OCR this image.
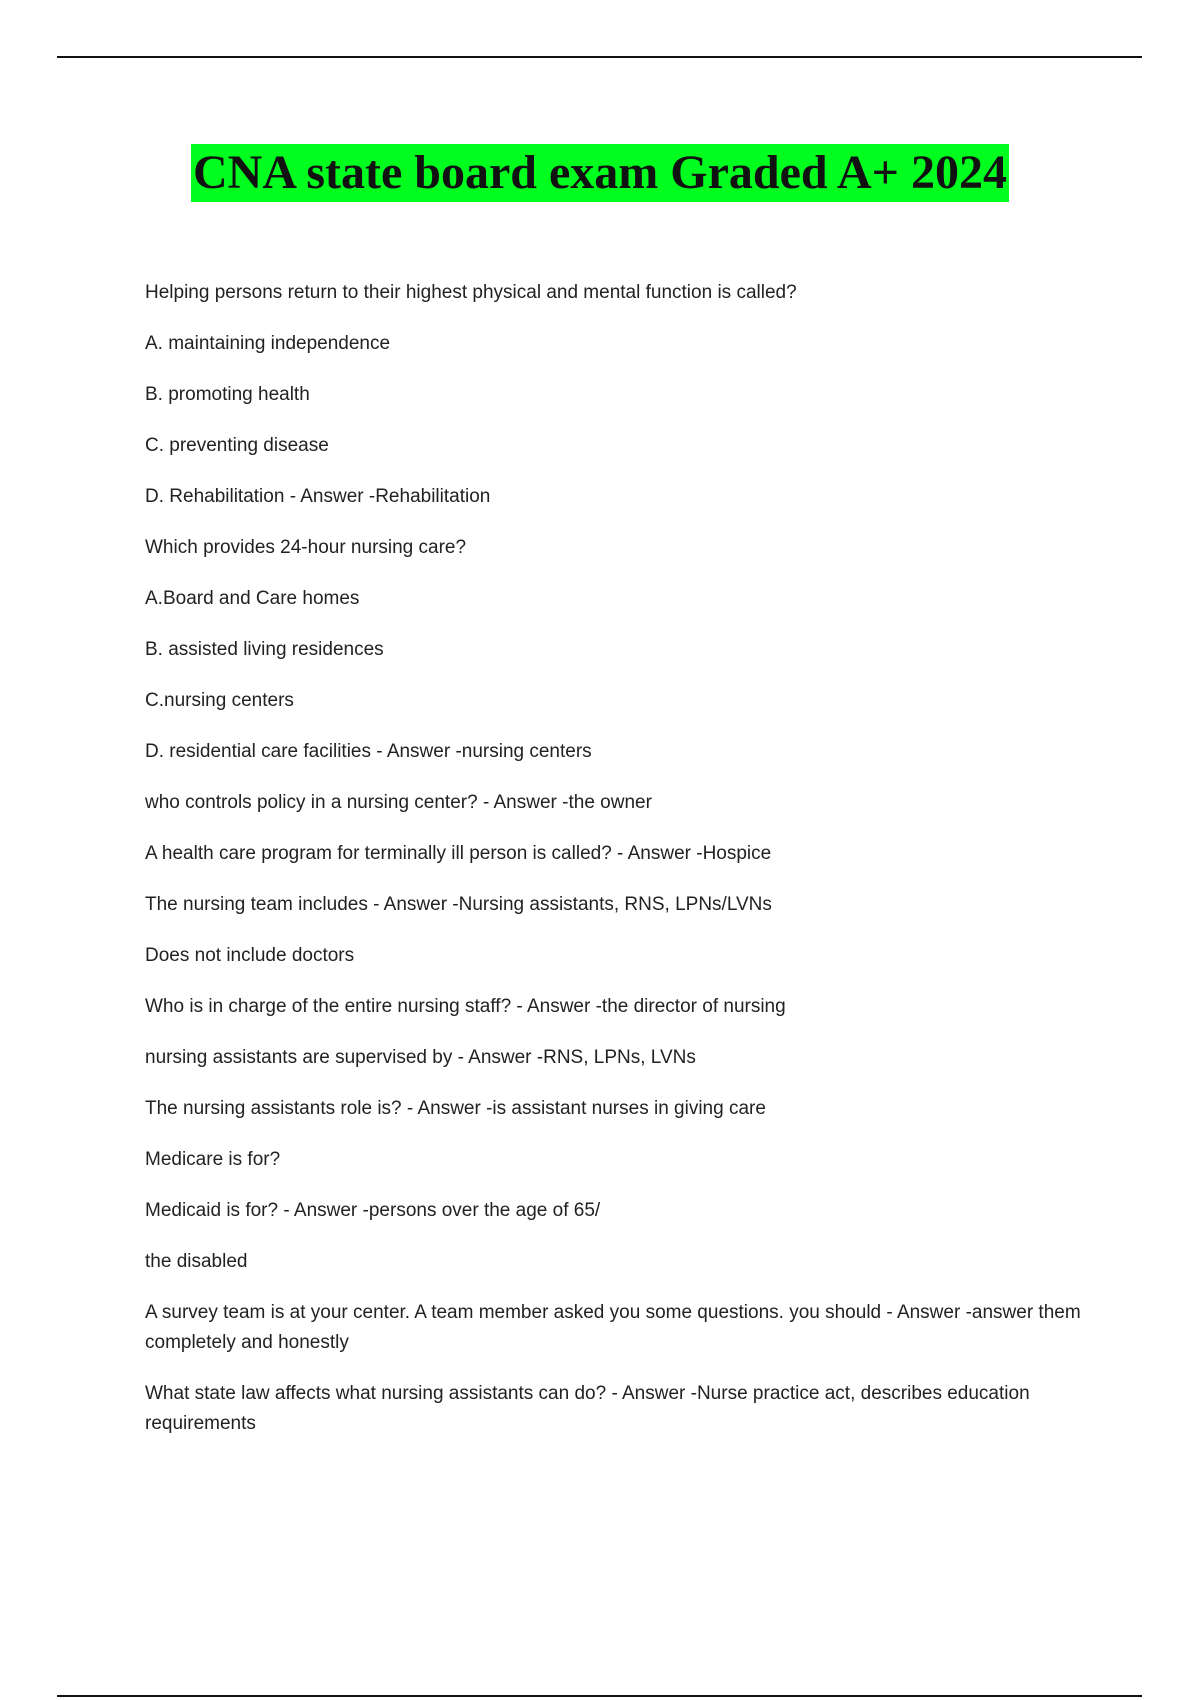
CNA state board exam Graded A+ 2024

Helping persons return to their highest physical and mental function is called?

A. maintaining independence

B. promoting health

C. preventing disease

D. Rehabilitation - Answer -Rehabilitation

Which provides 24-hour nursing care?

A.Board and Care homes

B. assisted living residences

C.nursing centers

D. residential care facilities - Answer -nursing centers

who controls policy in a nursing center? - Answer -the owner

A health care program for terminally ill person is called? - Answer -Hospice

The nursing team includes - Answer -Nursing assistants, RNS, LPNs/LVNs

Does not include doctors

Who is in charge of the entire nursing staff? - Answer -the director of nursing

nursing assistants are supervised by - Answer -RNS, LPNs, LVNs

The nursing assistants role is? - Answer -is assistant nurses in giving care

Medicare is for?

Medicaid is for? - Answer -persons over the age of 65/

the disabled

A survey team is at your center. A team member asked you some questions. you should - Answer -answer them completely and honestly

What state law affects what nursing assistants can do? - Answer -Nurse practice act, describes education requirements
